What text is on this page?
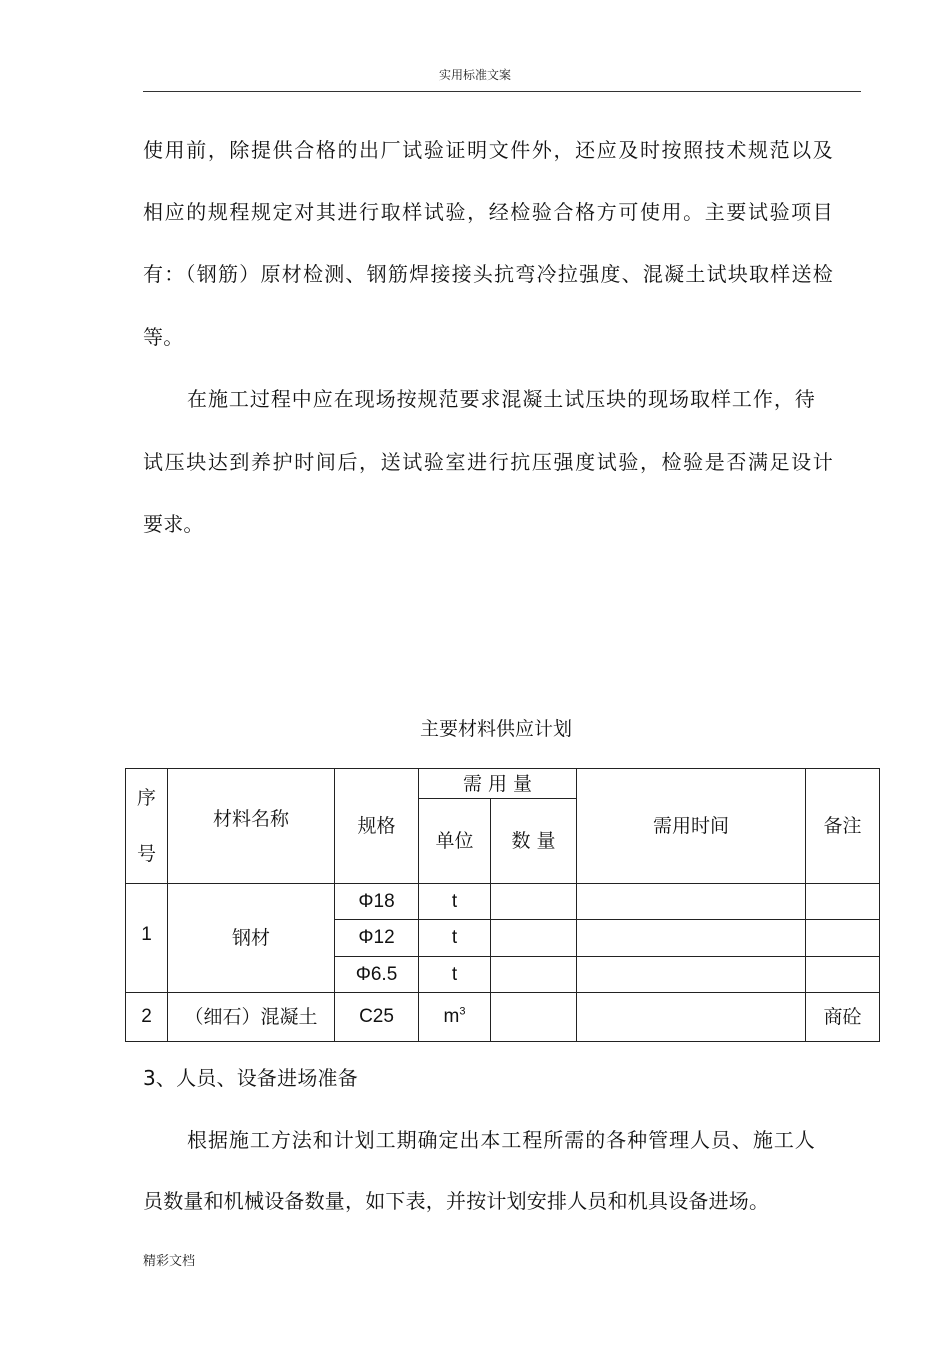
实用标准文案
使用前，除提供合格的出厂试验证明文件外，还应及时按照技术规范以及
相应的规程规定对其进行取样试验，经检验合格方可使用。主要试验项目
有：（钢筋）原材检测、钢筋焊接接头抗弯冷拉强度、混凝土试块取样送检
等。
在施工过程中应在现场按规范要求混凝土试压块的现场取样工作，待
试压块达到养护时间后，送试验室进行抗压强度试验，检验是否满足设计
要求。
主要材料供应计划
序
号	材料名称	规格	需 用 量		需用时间	备注
			单位	数 量		
1	钢材	Φ18	t			
		Φ12	t			
		Φ6.5	t			
2	（细石）混凝土	C25	$m^3$			商砼
3、人员、设备进场准备
根据施工方法和计划工期确定出本工程所需的各种管理人员、施工人
员数量和机械设备数量，如下表，并按计划安排人员和机具设备进场。
精彩文档
